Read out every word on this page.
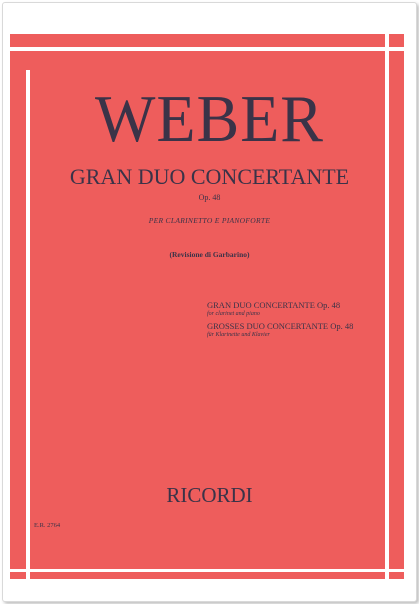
WEBER
GRAN DUO CONCERTANTE
Op. 48
PER CLARINETTO E PIANOFORTE
(Revisione di Garbarino)
GRAN DUO CONCERTANTE Op. 48
for clarinet and piano
GROSSES DUO CONCERTANTE Op. 48
für Klarinette und Klavier
RICORDI
E.R. 2764
